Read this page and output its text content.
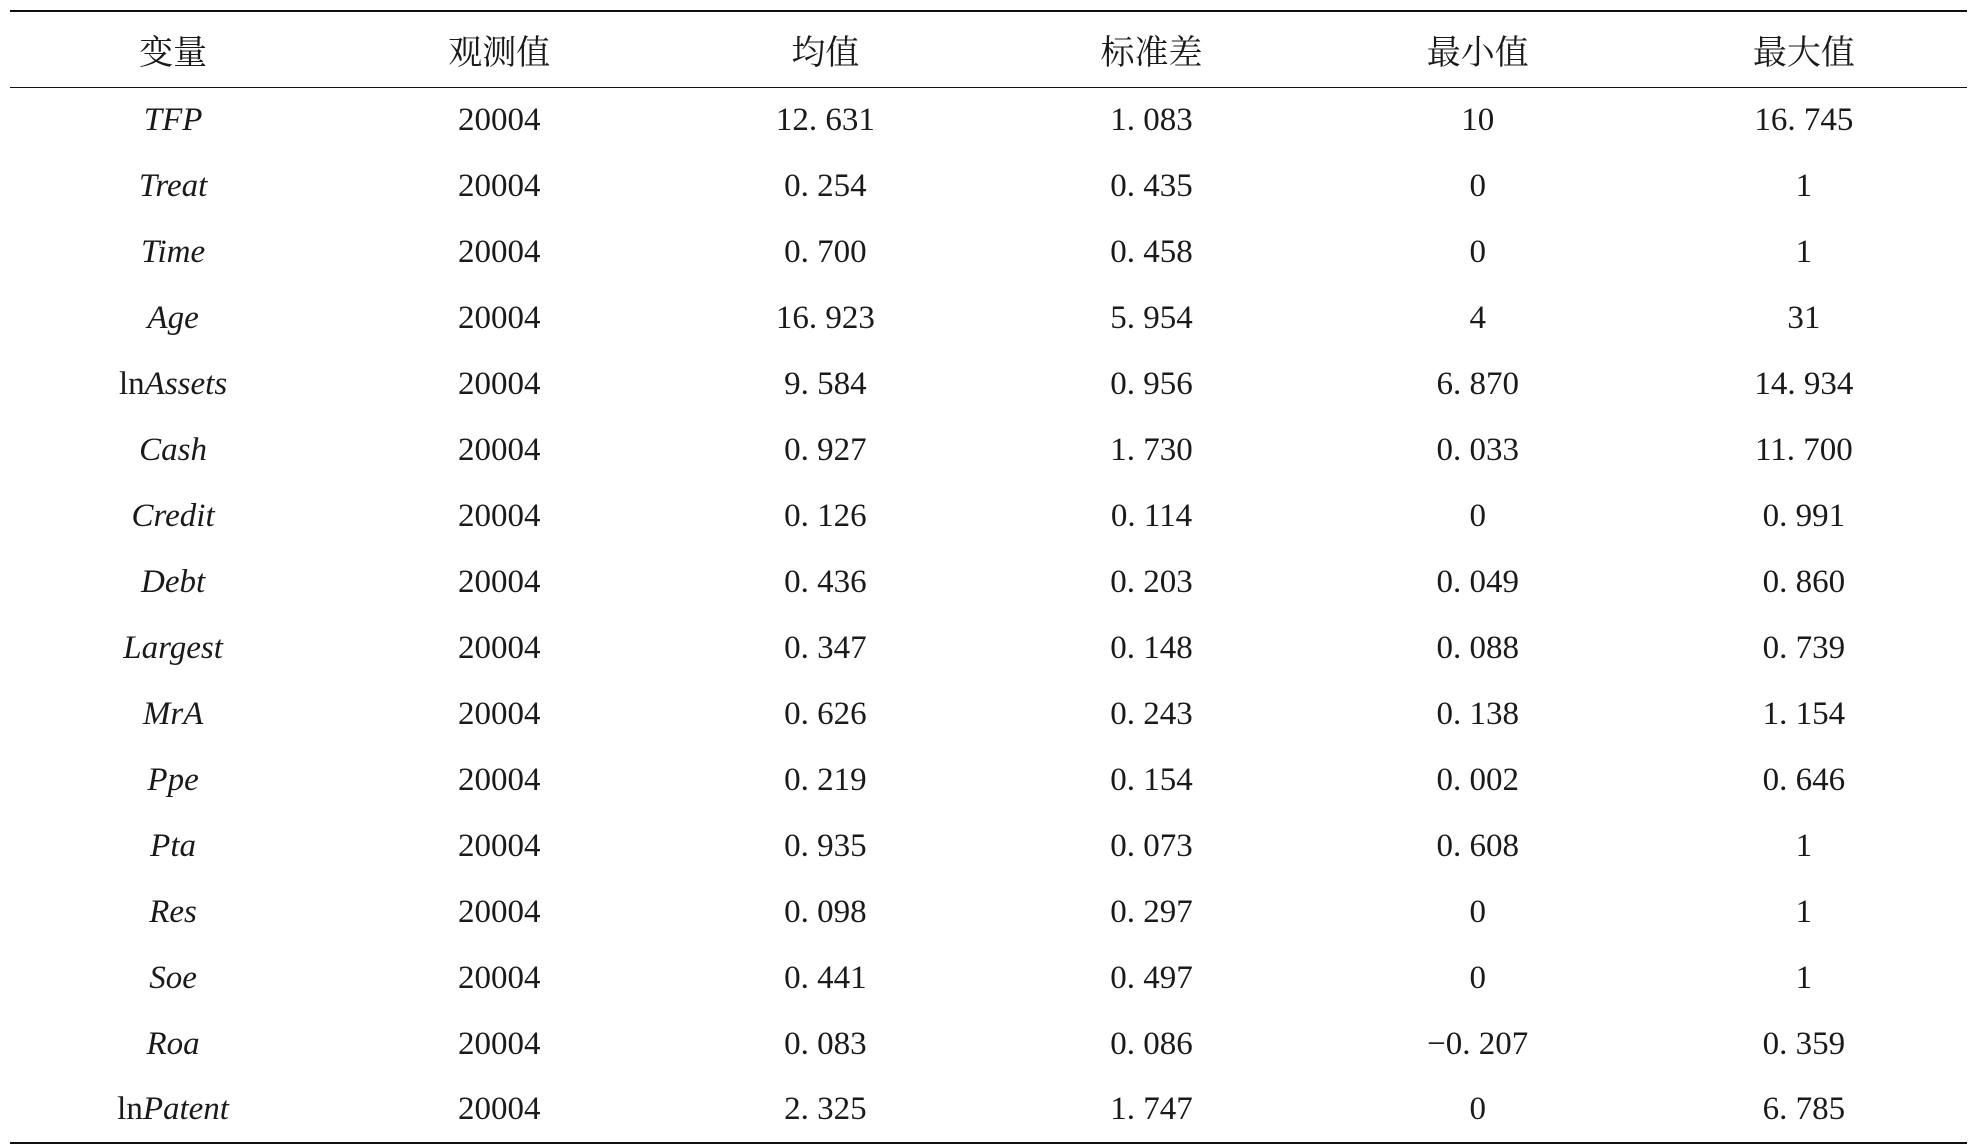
变量	观测值	均值	标准差	最小值	最大值
TFP	20004	12. 631	1. 083	10	16. 745
Treat	20004	0. 254	0. 435	0	1
Time	20004	0. 700	0. 458	0	1
Age	20004	16. 923	5. 954	4	31
lnAssets	20004	9. 584	0. 956	6. 870	14. 934
Cash	20004	0. 927	1. 730	0. 033	11. 700
Credit	20004	0. 126	0. 114	0	0. 991
Debt	20004	0. 436	0. 203	0. 049	0. 860
Largest	20004	0. 347	0. 148	0. 088	0. 739
MrA	20004	0. 626	0. 243	0. 138	1. 154
Ppe	20004	0. 219	0. 154	0. 002	0. 646
Pta	20004	0. 935	0. 073	0. 608	1
Res	20004	0. 098	0. 297	0	1
Soe	20004	0. 441	0. 497	0	1
Roa	20004	0. 083	0. 086	−0. 207	0. 359
lnPatent	20004	2. 325	1. 747	0	6. 785
